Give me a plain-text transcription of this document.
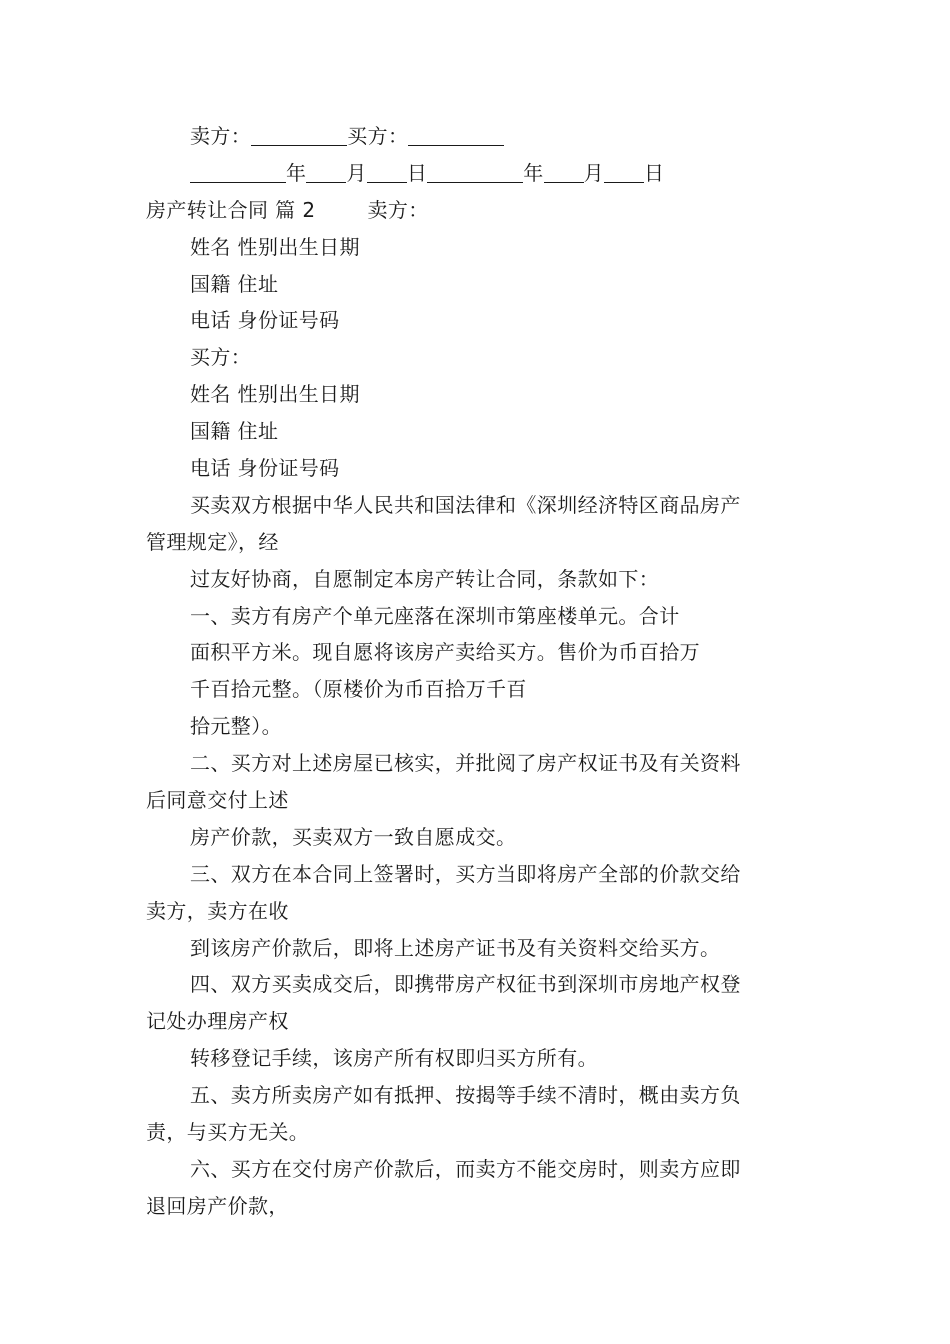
卖方：	买方：
年 月 日	年 月 日
房产转让合同 篇 2	卖方：
姓名 性别出生日期
国籍 住址
电话 身份证号码
买方：
姓名 性别出生日期
国籍 住址
电话 身份证号码
买卖双方根据中华人民共和国法律和《深圳经济特区商品房产
管理规定》，经
过友好协商，自愿制定本房产转让合同，条款如下：
一、卖方有房产个单元座落在深圳市第座楼单元。合计
面积平方米。现自愿将该房产卖给买方。售价为币百拾万
千百拾元整。（原楼价为币百拾万千百
拾元整）。
二、买方对上述房屋已核实，并批阅了房产权证书及有关资料
后同意交付上述
房产价款，买卖双方一致自愿成交。
三、双方在本合同上签署时，买方当即将房产全部的价款交给
卖方，卖方在收
到该房产价款后，即将上述房产证书及有关资料交给买方。
四、双方买卖成交后，即携带房产权征书到深圳市房地产权登
记处办理房产权
转移登记手续，该房产所有权即归买方所有。
五、卖方所卖房产如有抵押、按揭等手续不清时，概由卖方负
责，与买方无关。
六、买方在交付房产价款后，而卖方不能交房时，则卖方应即
退回房产价款，
